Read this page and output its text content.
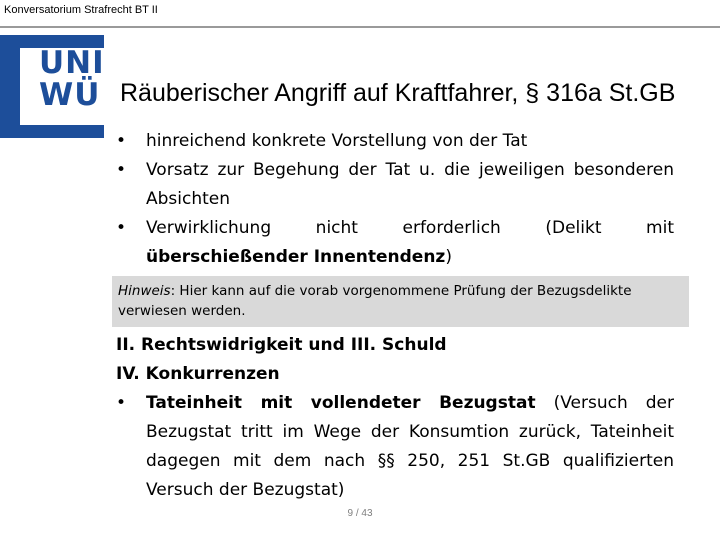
Konversatorium Strafrecht BT II
UNI
WÜ Räuberischer Angriff auf Kraftfahrer, § 316a St.GB
• hinreichend konkrete Vorstellung von der Tat
• Vorsatz zur Begehung der Tat u. die jeweiligen besonderen Absichten
• Verwirklichung nicht erforderlich (Delikt mit überschießender Innentendenz)
Hinweis: Hier kann auf die vorab vorgenommene Prüfung der Bezugsdelikte verwiesen werden.
II. Rechtswidrigkeit und III. Schuld
IV. Konkurrenzen
• Tateinheit mit vollendeter Bezugstat (Versuch der Bezugstat tritt im Wege der Konsumtion zurück, Tateinheit dagegen mit dem nach §§ 250, 251 St.GB qualifizierten Versuch der Bezugstat)
9 / 43
